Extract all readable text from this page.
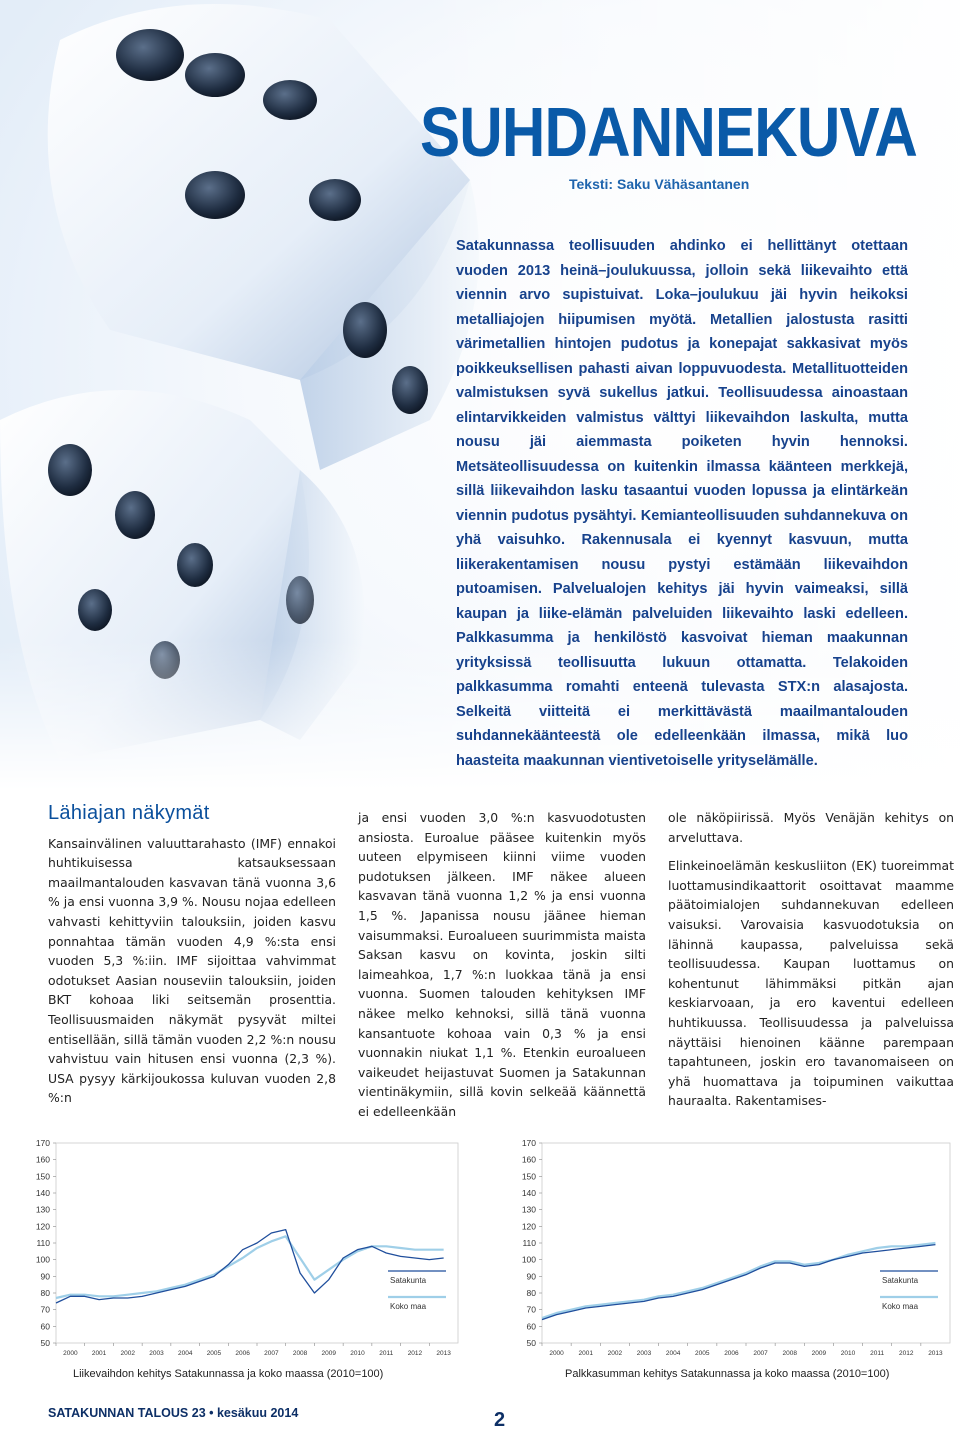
SUHDANNEKUVA
Teksti: Saku Vähäsantanen
Satakunnassa teollisuuden ahdinko ei hellittänyt otettaan vuoden 2013 heinä–joulukuussa, jolloin sekä liikevaihto että viennin arvo supistuivat. Loka–joulukuu jäi hyvin heikoksi metalliajojen hiipumisen myötä. Metallien jalostusta rasitti värimetallien hintojen pudotus ja konepajat sakkasivat myös poikkeuksellisen pahasti aivan loppuvuodesta. Metallituotteiden valmistuksen syvä sukellus jatkui. Teollisuudessa ainoastaan elintarvikkeiden valmistus välttyi liikevaihdon laskulta, mutta nousu jäi aiemmasta poiketen hyvin hennoksi. Metsäteollisuudessa on kuitenkin ilmassa käänteen merkkejä, sillä liikevaihdon lasku tasaantui vuoden lopussa ja elintärkeän viennin pudotus pysähtyi. Kemianteollisuuden suhdannekuva on yhä vaisuhko. Rakennusala ei kyennyt kasvuun, mutta liikerakentamisen nousu pystyi estämään liikevaihdon putoamisen. Palvelualojen kehitys jäi hyvin vaimeaksi, sillä kaupan ja liike-elämän palveluiden liikevaihto laski edelleen. Palkkasumma ja henkilöstö kasvoivat hieman maakunnan yrityksissä teollisuutta lukuun ottamatta. Telakoiden palkkasumma romahti enteenä tulevasta STX:n alasajosta. Selkeitä viitteitä ei merkittävästä maailmantalouden suhdannekäänteestä ole edelleenkään ilmassa, mikä luo haasteita maakunnan vientivetoiselle yrityselämälle.
Lähiajan näkymät

Kansainvälinen valuuttarahasto (IMF) ennakoi huhtikuisessa katsauksessaan maailmantalouden kasvavan tänä vuonna 3,6 % ja ensi vuonna 3,9 %. Nousu nojaa edelleen vahvasti kehittyviin talouksiin, joiden kasvu ponnahtaa tämän vuoden 4,9 %:sta ensi vuoden 5,3 %:iin. IMF sijoittaa vahvimmat odotukset Aasian nouseviin talouksiin, joiden BKT kohoaa liki seitsemän prosenttia. Teollisuusmaiden näkymät pysyvät miltei entisellään, sillä tämän vuoden 2,2 %:n nousu vahvistuu vain hitusen ensi vuonna (2,3 %). USA pysyy kärkijoukossa kuluvan vuoden 2,8 %:n

ja ensi vuoden 3,0 %:n kasvuodotusten ansiosta. Euroalue pääsee kuitenkin myös uuteen elpymiseen kiinni viime vuoden pudotuksen jälkeen. IMF näkee alueen kasvavan tänä vuonna 1,2 % ja ensi vuonna 1,5 %. Japanissa nousu jäänee hieman vaisummaksi. Euroalueen suurimmista maista Saksan kasvu on kovinta, joskin silti laimeahkoa, 1,7 %:n luokkaa tänä ja ensi vuonna. Suomen talouden kehityksen IMF näkee melko kehnoksi, sillä tänä vuonna kansantuote kohoaa vain 0,3 % ja ensi vuonnakin niukat 1,1 %. Etenkin euroalueen vaikeudet heijastuvat Suomen ja Satakunnan vientinäkymiin, sillä kovin selkeää käännettä ei edelleenkään

ole näköpiirissä. Myös Venäjän kehitys on arveluttava.

Elinkeinoelämän keskusliiton (EK) tuoreimmat luottamusindikaattorit osoittavat maamme päätoimialojen suhdannekuvan edelleen vaisuksi. Varovaisia kasvuodotuksia on lähinnä kaupassa, palveluissa sekä teollisuudessa. Kaupan luottamus on kohentunut lähimmäksi pitkän ajan keskiarvoaan, ja ero kaventui edelleen huhtikuussa. Teollisuudessa ja palveluissa näyttäisi hienoinen käänne parempaan tapahtuneen, joskin ero tavanomaiseen on yhä huomattava ja toipuminen vaikuttaa hauraalta. Rakentamises-

50
60
70
80
90
100
110
120
130
140
150
160
170
2000 2001 2002 2003 2004 2005 2006 2007 2008 2009 2010 2011 2012 2013
Satakunta
Koko maa
50
60
70
80
90
100
110
120
130
140
150
160
170
2000 2001 2002 2003 2004 2005 2006 2007 2008 2009 2010 2011 2012 2013
Satakunta
Koko maa
Liikevaihdon kehitys Satakunnassa ja koko maassa (2010=100)	Palkkasumman kehitys Satakunnassa ja koko maassa (2010=100)
SATAKUNNAN TALOUS 23 • kesäkuu 2014	2
